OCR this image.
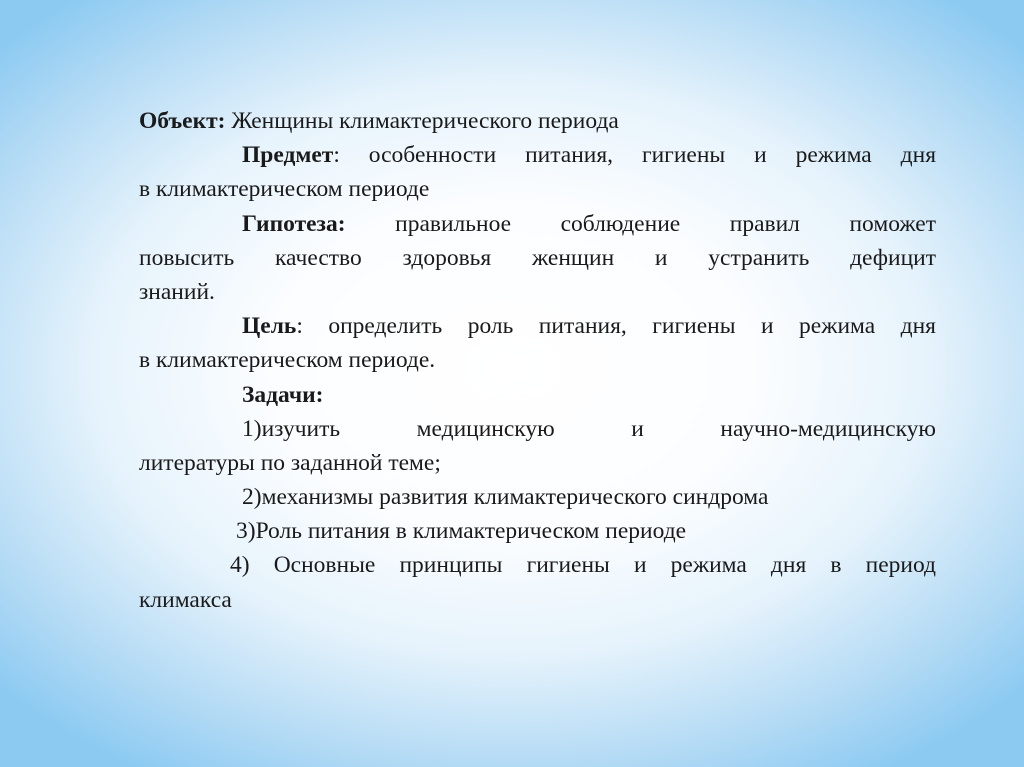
Объект: Женщины климактерического периода
Предмет: особенности питания, гигиены и режима дня
в климактерическом периоде
Гипотеза: правильное соблюдение правил поможет
повысить качество здоровья женщин и устранить дефицит
знаний.
Цель: определить роль питания, гигиены и режима дня
в климактерическом периоде.
Задачи:
1)изучить медицинскую и научно-медицинскую
литературы по заданной теме;
2)механизмы развития климактерического синдрома
3)Роль питания в климактерическом периоде
4) Основные принципы гигиены и режима дня в период
климакса
